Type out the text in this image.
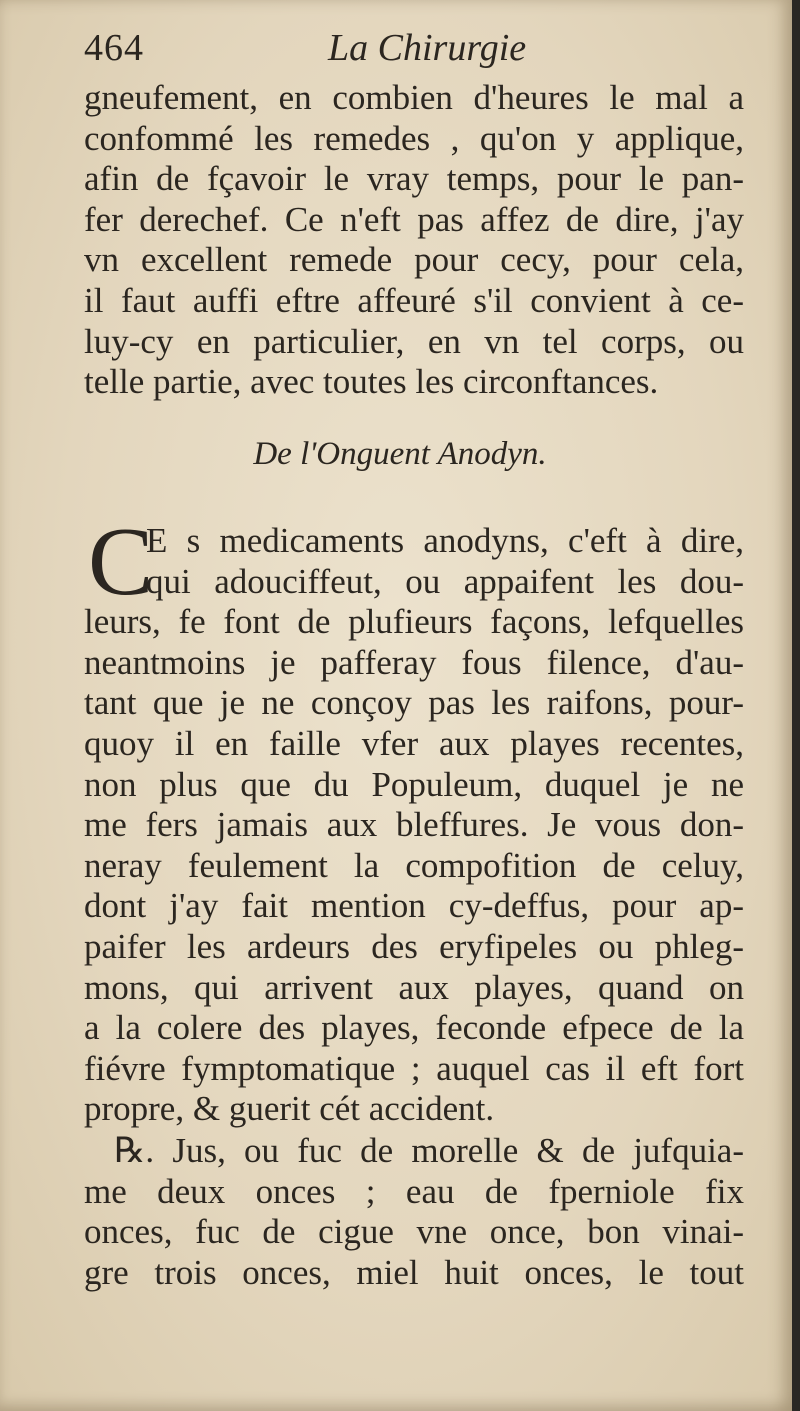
464	La Chirurgie
gneufement, en combien d'heures le mal a
confommé les remedes , qu'on y applique,
afin de fçavoir le vray temps, pour le pan-
fer derechef. Ce n'eft pas affez de dire, j'ay
vn excellent remede pour cecy, pour cela,
il faut auffi eftre affeuré s'il convient à ce-
luy-cy en particulier, en vn tel corps, ou
telle partie, avec toutes les circonftances.
De l'Onguent Anodyn.
C
E s medicaments anodyns, c'eft à dire,
qui adouciffeut, ou appaifent les dou-
leurs, fe font de plufieurs façons, lefquelles
neantmoins je pafferay fous filence, d'au-
tant que je ne conçoy pas les raifons, pour-
quoy il en faille vfer aux playes recentes,
non plus que du Populeum, duquel je ne
me fers jamais aux bleffures. Je vous don-
neray feulement la compofition de celuy,
dont j'ay fait mention cy-deffus, pour ap-
paifer les ardeurs des eryfipeles ou phleg-
mons, qui arrivent aux playes, quand on
a la colere des playes, feconde efpece de la
fiévre fymptomatique ; auquel cas il eft fort
propre, & guerit cét accident.
℞. Jus, ou fuc de morelle & de jufquia-
me deux onces ; eau de fperniole fix
onces, fuc de cigue vne once, bon vinai-
gre trois onces, miel huit onces, le tout
